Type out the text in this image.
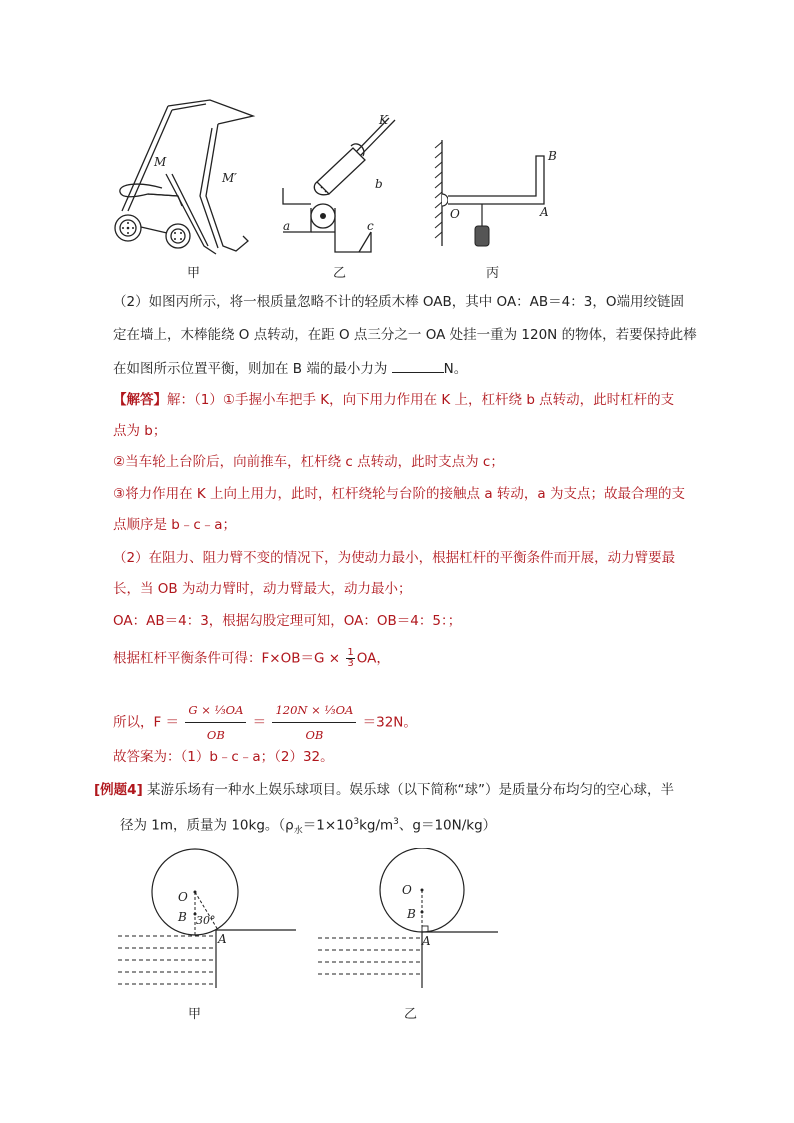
M
M′
甲
K
b
a	c
乙
B
O	A
丙
（2）如图丙所示，将一根质量忽略不计的轻质木棒 OAB，其中 OA：AB＝4：3，O端用绞链固
定在墙上，木棒能绕 O 点转动，在距 O 点三分之一 OA 处挂一重为 120N 的物体，若要保持此棒
在如图所示位置平衡，则加在 B 端的最小力为	N。
【解答】解：（1）①手握小车把手 K，向下用力作用在 K 上，杠杆绕 b 点转动，此时杠杆的支
点为 b；
②当车轮上台阶后，向前推车，杠杆绕 c 点转动，此时支点为 c；
③将力作用在 K 上向上用力，此时，杠杆绕轮与台阶的接触点 a 转动，a 为支点；故最合理的支
点顺序是 b﹣c﹣a；
（2）在阻力、阻力臂不变的情况下，为使动力最小，根据杠杆的平衡条件而开展，动力臂要最
长，当 OB 为动力臂时，动力臂最大，动力最小；
OA：AB＝4：3，根据勾股定理可知，OA：OB＝4：5：；
根据杠杆平衡条件可得：$F\times OB=G \times \frac{1}{3}$ OA，
所以，$F = \frac{\text{G × ⅓OA}}{OB} = \frac{\text{120N × ⅓OA}}{OB} =32N$。
故答案为：（1）b﹣c﹣a；（2）32。
[例题4] 某游乐场有一种水上娱乐球项目。娱乐球（以下简称“球”）是质量分布均匀的空心球，半
径为 1m，质量为 10kg。（$\rho_水=1\times 10^3kg/m^3$、g＝10N/kg）
O
B 30°
A
甲
O
B
A
乙
